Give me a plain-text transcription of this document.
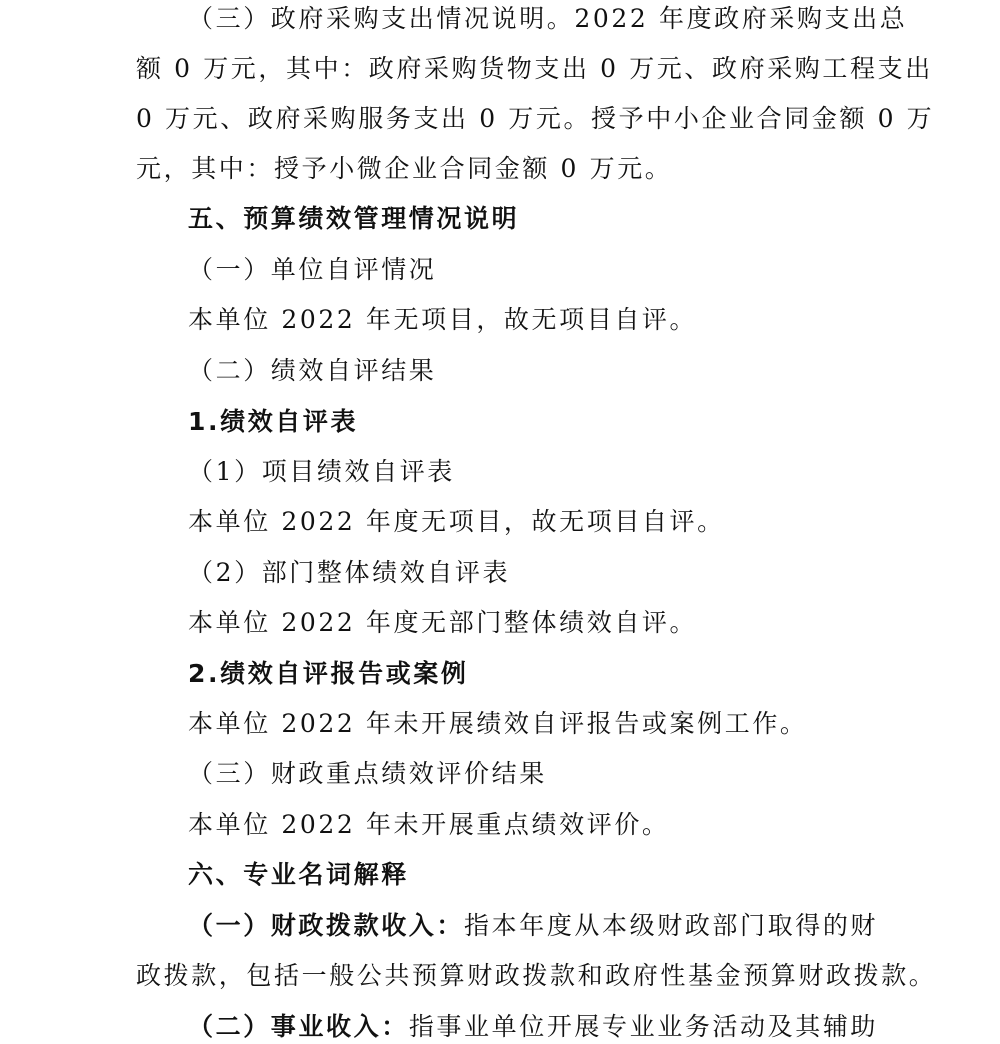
（三）政府采购支出情况说明。2022 年度政府采购支出总
额 0 万元，其中：政府采购货物支出 0 万元、政府采购工程支出
0 万元、政府采购服务支出 0 万元。授予中小企业合同金额 0 万
元，其中：授予小微企业合同金额 0 万元。
五、预算绩效管理情况说明
（一）单位自评情况
本单位 2022 年无项目，故无项目自评。
（二）绩效自评结果
1.绩效自评表
（1）项目绩效自评表
本单位 2022 年度无项目，故无项目自评。
（2）部门整体绩效自评表
本单位 2022 年度无部门整体绩效自评。
2.绩效自评报告或案例
本单位 2022 年未开展绩效自评报告或案例工作。
（三）财政重点绩效评价结果
本单位 2022 年未开展重点绩效评价。
六、专业名词解释
（一）财政拨款收入：指本年度从本级财政部门取得的财
政拨款，包括一般公共预算财政拨款和政府性基金预算财政拨款。
（二）事业收入：指事业单位开展专业业务活动及其辅助
